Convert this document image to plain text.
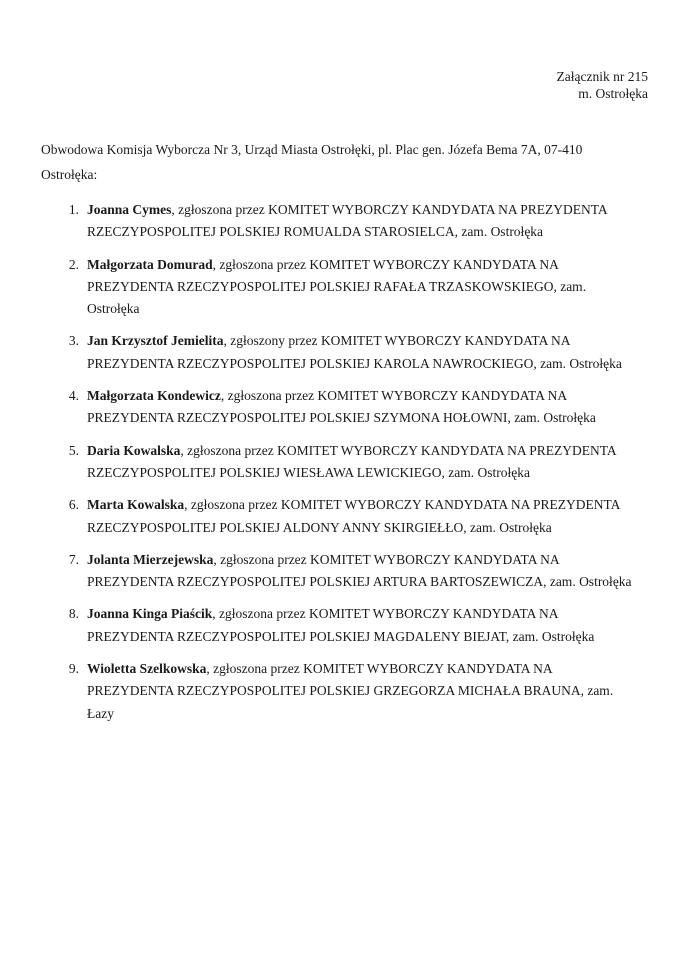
Załącznik nr 215
m. Ostrołęka

Obwodowa Komisja Wyborcza Nr 3, Urząd Miasta Ostrołęki, pl. Plac gen. Józefa Bema 7A, 07-410 Ostrołęka:

1. Joanna Cymes, zgłoszona przez KOMITET WYBORCZY KANDYDATA NA PREZYDENTA RZECZYPOSPOLITEJ POLSKIEJ ROMUALDA STAROSIELCA, zam. Ostrołęka
2. Małgorzata Domurad, zgłoszona przez KOMITET WYBORCZY KANDYDATA NA PREZYDENTA RZECZYPOSPOLITEJ POLSKIEJ RAFAŁA TRZASKOWSKIEGO, zam. Ostrołęka
3. Jan Krzysztof Jemielita, zgłoszony przez KOMITET WYBORCZY KANDYDATA NA PREZYDENTA RZECZYPOSPOLITEJ POLSKIEJ KAROLA NAWROCKIEGO, zam. Ostrołęka
4. Małgorzata Kondewicz, zgłoszona przez KOMITET WYBORCZY KANDYDATA NA PREZYDENTA RZECZYPOSPOLITEJ POLSKIEJ SZYMONA HOŁOWNI, zam. Ostrołęka
5. Daria Kowalska, zgłoszona przez KOMITET WYBORCZY KANDYDATA NA PREZYDENTA RZECZYPOSPOLITEJ POLSKIEJ WIESŁAWA LEWICKIEGO, zam. Ostrołęka
6. Marta Kowalska, zgłoszona przez KOMITET WYBORCZY KANDYDATA NA PREZYDENTA RZECZYPOSPOLITEJ POLSKIEJ ALDONY ANNY SKIRGIEŁŁO, zam. Ostrołęka
7. Jolanta Mierzejewska, zgłoszona przez KOMITET WYBORCZY KANDYDATA NA PREZYDENTA RZECZYPOSPOLITEJ POLSKIEJ ARTURA BARTOSZEWICZA, zam. Ostrołęka
8. Joanna Kinga Piaścik, zgłoszona przez KOMITET WYBORCZY KANDYDATA NA PREZYDENTA RZECZYPOSPOLITEJ POLSKIEJ MAGDALENY BIEJAT, zam. Ostrołęka
9. Wioletta Szelkowska, zgłoszona przez KOMITET WYBORCZY KANDYDATA NA PREZYDENTA RZECZYPOSPOLITEJ POLSKIEJ GRZEGORZA MICHAŁA BRAUNA, zam. Łazy
